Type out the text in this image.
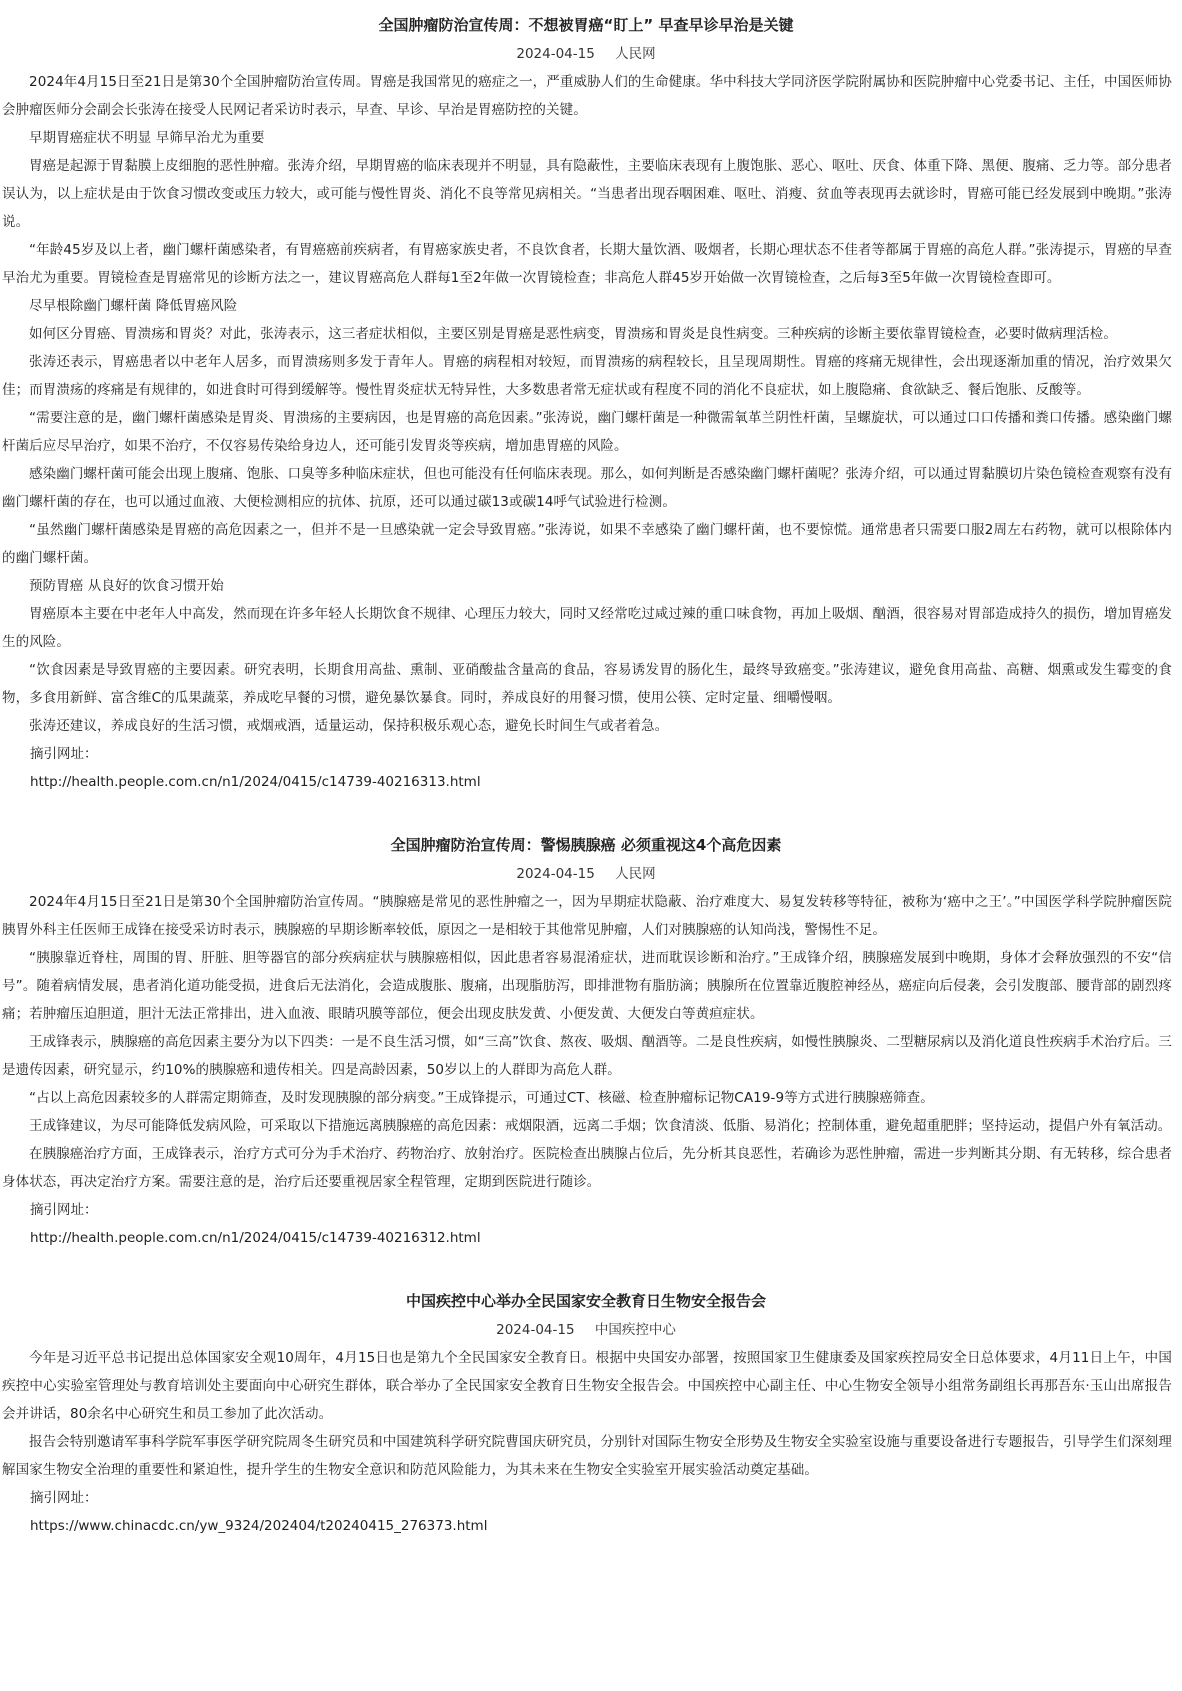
全国肿瘤防治宣传周：不想被胃癌“盯上” 早查早诊早治是关键

2024-04-15 人民网

2024年4月15日至21日是第30个全国肿瘤防治宣传周。胃癌是我国常见的癌症之一，严重威胁人们的生命健康。华中科技大学同济医学院附属协和医院肿瘤中心党委书记、主任，中国医师协会肿瘤医师分会副会长张涛在接受人民网记者采访时表示，早查、早诊、早治是胃癌防控的关键。

早期胃癌症状不明显 早筛早治尤为重要

胃癌是起源于胃黏膜上皮细胞的恶性肿瘤。张涛介绍，早期胃癌的临床表现并不明显，具有隐蔽性，主要临床表现有上腹饱胀、恶心、呕吐、厌食、体重下降、黑便、腹痛、乏力等。部分患者误认为，以上症状是由于饮食习惯改变或压力较大，或可能与慢性胃炎、消化不良等常见病相关。“当患者出现吞咽困难、呕吐、消瘦、贫血等表现再去就诊时，胃癌可能已经发展到中晚期。”张涛说。

“年龄45岁及以上者，幽门螺杆菌感染者，有胃癌癌前疾病者，有胃癌家族史者，不良饮食者，长期大量饮酒、吸烟者，长期心理状态不佳者等都属于胃癌的高危人群。”张涛提示，胃癌的早查早治尤为重要。胃镜检查是胃癌常见的诊断方法之一，建议胃癌高危人群每1至2年做一次胃镜检查；非高危人群45岁开始做一次胃镜检查，之后每3至5年做一次胃镜检查即可。

尽早根除幽门螺杆菌 降低胃癌风险

如何区分胃癌、胃溃疡和胃炎？对此，张涛表示，这三者症状相似，主要区别是胃癌是恶性病变，胃溃疡和胃炎是良性病变。三种疾病的诊断主要依靠胃镜检查，必要时做病理活检。

张涛还表示，胃癌患者以中老年人居多，而胃溃疡则多发于青年人。胃癌的病程相对较短，而胃溃疡的病程较长，且呈现周期性。胃癌的疼痛无规律性，会出现逐渐加重的情况，治疗效果欠佳；而胃溃疡的疼痛是有规律的，如进食时可得到缓解等。慢性胃炎症状无特异性，大多数患者常无症状或有程度不同的消化不良症状，如上腹隐痛、食欲缺乏、餐后饱胀、反酸等。

“需要注意的是，幽门螺杆菌感染是胃炎、胃溃疡的主要病因，也是胃癌的高危因素。”张涛说，幽门螺杆菌是一种微需氧革兰阴性杆菌，呈螺旋状，可以通过口口传播和粪口传播。感染幽门螺杆菌后应尽早治疗，如果不治疗，不仅容易传染给身边人，还可能引发胃炎等疾病，增加患胃癌的风险。

感染幽门螺杆菌可能会出现上腹痛、饱胀、口臭等多种临床症状，但也可能没有任何临床表现。那么，如何判断是否感染幽门螺杆菌呢？张涛介绍，可以通过胃黏膜切片染色镜检查观察有没有幽门螺杆菌的存在，也可以通过血液、大便检测相应的抗体、抗原，还可以通过碳13或碳14呼气试验进行检测。

“虽然幽门螺杆菌感染是胃癌的高危因素之一，但并不是一旦感染就一定会导致胃癌。”张涛说，如果不幸感染了幽门螺杆菌，也不要惊慌。通常患者只需要口服2周左右药物，就可以根除体内的幽门螺杆菌。

预防胃癌 从良好的饮食习惯开始

胃癌原本主要在中老年人中高发，然而现在许多年轻人长期饮食不规律、心理压力较大，同时又经常吃过咸过辣的重口味食物，再加上吸烟、酗酒，很容易对胃部造成持久的损伤，增加胃癌发生的风险。

“饮食因素是导致胃癌的主要因素。研究表明，长期食用高盐、熏制、亚硝酸盐含量高的食品，容易诱发胃的肠化生，最终导致癌变。”张涛建议，避免食用高盐、高糖、烟熏或发生霉变的食物，多食用新鲜、富含维C的瓜果蔬菜，养成吃早餐的习惯，避免暴饮暴食。同时，养成良好的用餐习惯，使用公筷、定时定量、细嚼慢咽。

张涛还建议，养成良好的生活习惯，戒烟戒酒，适量运动，保持积极乐观心态，避免长时间生气或者着急。

摘引网址：

http://health.people.com.cn/n1/2024/0415/c14739-40216313.html
全国肿瘤防治宣传周：警惕胰腺癌 必须重视这4个高危因素

2024-04-15 人民网

2024年4月15日至21日是第30个全国肿瘤防治宣传周。“胰腺癌是常见的恶性肿瘤之一，因为早期症状隐蔽、治疗难度大、易复发转移等特征，被称为‘癌中之王’。”中国医学科学院肿瘤医院胰胃外科主任医师王成锋在接受采访时表示，胰腺癌的早期诊断率较低，原因之一是相较于其他常见肿瘤，人们对胰腺癌的认知尚浅，警惕性不足。

“胰腺靠近脊柱，周围的胃、肝脏、胆等器官的部分疾病症状与胰腺癌相似，因此患者容易混淆症状，进而耽误诊断和治疗。”王成锋介绍，胰腺癌发展到中晚期，身体才会释放强烈的不安“信号”。随着病情发展，患者消化道功能受损，进食后无法消化，会造成腹胀、腹痛，出现脂肪泻，即排泄物有脂肪滴；胰腺所在位置靠近腹腔神经丛，癌症向后侵袭，会引发腹部、腰背部的剧烈疼痛；若肿瘤压迫胆道，胆汁无法正常排出，进入血液、眼睛巩膜等部位，便会出现皮肤发黄、小便发黄、大便发白等黄疸症状。

王成锋表示，胰腺癌的高危因素主要分为以下四类：一是不良生活习惯，如“三高”饮食、熬夜、吸烟、酗酒等。二是良性疾病，如慢性胰腺炎、二型糖尿病以及消化道良性疾病手术治疗后。三是遗传因素，研究显示，约10%的胰腺癌和遗传相关。四是高龄因素，50岁以上的人群即为高危人群。

“占以上高危因素较多的人群需定期筛查，及时发现胰腺的部分病变。”王成锋提示，可通过CT、核磁、检查肿瘤标记物CA19-9等方式进行胰腺癌筛查。

王成锋建议，为尽可能降低发病风险，可采取以下措施远离胰腺癌的高危因素：戒烟限酒，远离二手烟；饮食清淡、低脂、易消化；控制体重，避免超重肥胖；坚持运动，提倡户外有氧活动。

在胰腺癌治疗方面，王成锋表示，治疗方式可分为手术治疗、药物治疗、放射治疗。医院检查出胰腺占位后，先分析其良恶性，若确诊为恶性肿瘤，需进一步判断其分期、有无转移，综合患者身体状态，再决定治疗方案。需要注意的是，治疗后还要重视居家全程管理，定期到医院进行随诊。

摘引网址：

http://health.people.com.cn/n1/2024/0415/c14739-40216312.html
中国疾控中心举办全民国家安全教育日生物安全报告会

2024-04-15 中国疾控中心

今年是习近平总书记提出总体国家安全观10周年，4月15日也是第九个全民国家安全教育日。根据中央国安办部署，按照国家卫生健康委及国家疾控局安全日总体要求，4月11日上午，中国疾控中心实验室管理处与教育培训处主要面向中心研究生群体，联合举办了全民国家安全教育日生物安全报告会。中国疾控中心副主任、中心生物安全领导小组常务副组长再那吾东·玉山出席报告会并讲话，80余名中心研究生和员工参加了此次活动。

报告会特别邀请军事科学院军事医学研究院周冬生研究员和中国建筑科学研究院曹国庆研究员，分别针对国际生物安全形势及生物安全实验室设施与重要设备进行专题报告，引导学生们深刻理解国家生物安全治理的重要性和紧迫性，提升学生的生物安全意识和防范风险能力，为其未来在生物安全实验室开展实验活动奠定基础。

摘引网址：

https://www.chinacdc.cn/yw_9324/202404/t20240415_276373.html
